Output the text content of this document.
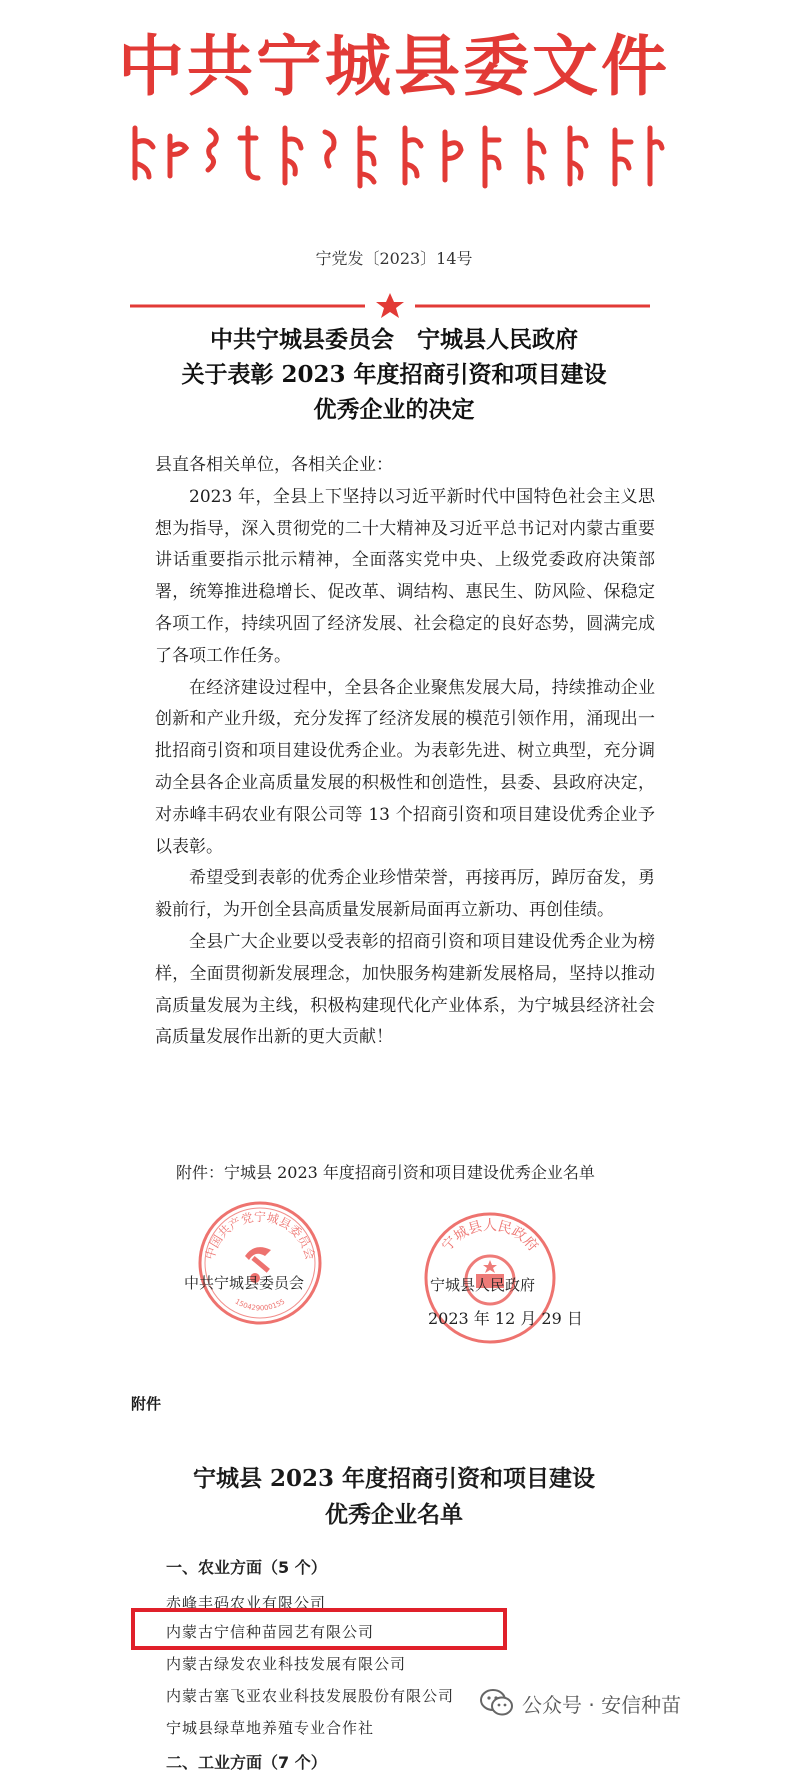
中共宁城县委文件
宁党发〔2023〕14号
中共宁城县委员会　宁城县人民政府
关于表彰 2023 年度招商引资和项目建设
优秀企业的决定

县直各相关单位，各相关企业：

2023 年，全县上下坚持以习近平新时代中国特色社会主义思想为指导，深入贯彻党的二十大精神及习近平总书记对内蒙古重要讲话重要指示批示精神，全面落实党中央、上级党委政府决策部署，统筹推进稳增长、促改革、调结构、惠民生、防风险、保稳定各项工作，持续巩固了经济发展、社会稳定的良好态势，圆满完成了各项工作任务。

在经济建设过程中，全县各企业聚焦发展大局，持续推动企业创新和产业升级，充分发挥了经济发展的模范引领作用，涌现出一批招商引资和项目建设优秀企业。为表彰先进、树立典型，充分调动全县各企业高质量发展的积极性和创造性，县委、县政府决定，对赤峰丰码农业有限公司等 13 个招商引资和项目建设优秀企业予以表彰。

希望受到表彰的优秀企业珍惜荣誉，再接再厉，踔厉奋发，勇毅前行，为开创全县高质量发展新局面再立新功、再创佳绩。

全县广大企业要以受表彰的招商引资和项目建设优秀企业为榜样，全面贯彻新发展理念，加快服务构建新发展格局，坚持以推动高质量发展为主线，积极构建现代化产业体系，为宁城县经济社会高质量发展作出新的更大贡献！

附件：宁城县 2023 年度招商引资和项目建设优秀企业名单
中国共产党宁城县委员会
150429000155
宁城县人民政府
中共宁城县委员会	宁城县人民政府
2023 年 12 月 29 日
附件
宁城县 2023 年度招商引资和项目建设
优秀企业名单
一、农业方面（5 个）
赤峰丰码农业有限公司
内蒙古宁信种苗园艺有限公司
内蒙古绿发农业科技发展有限公司
内蒙古塞飞亚农业科技发展股份有限公司
宁城县绿草地养殖专业合作社
二、工业方面（7 个）
公众号 · 安信种苗
